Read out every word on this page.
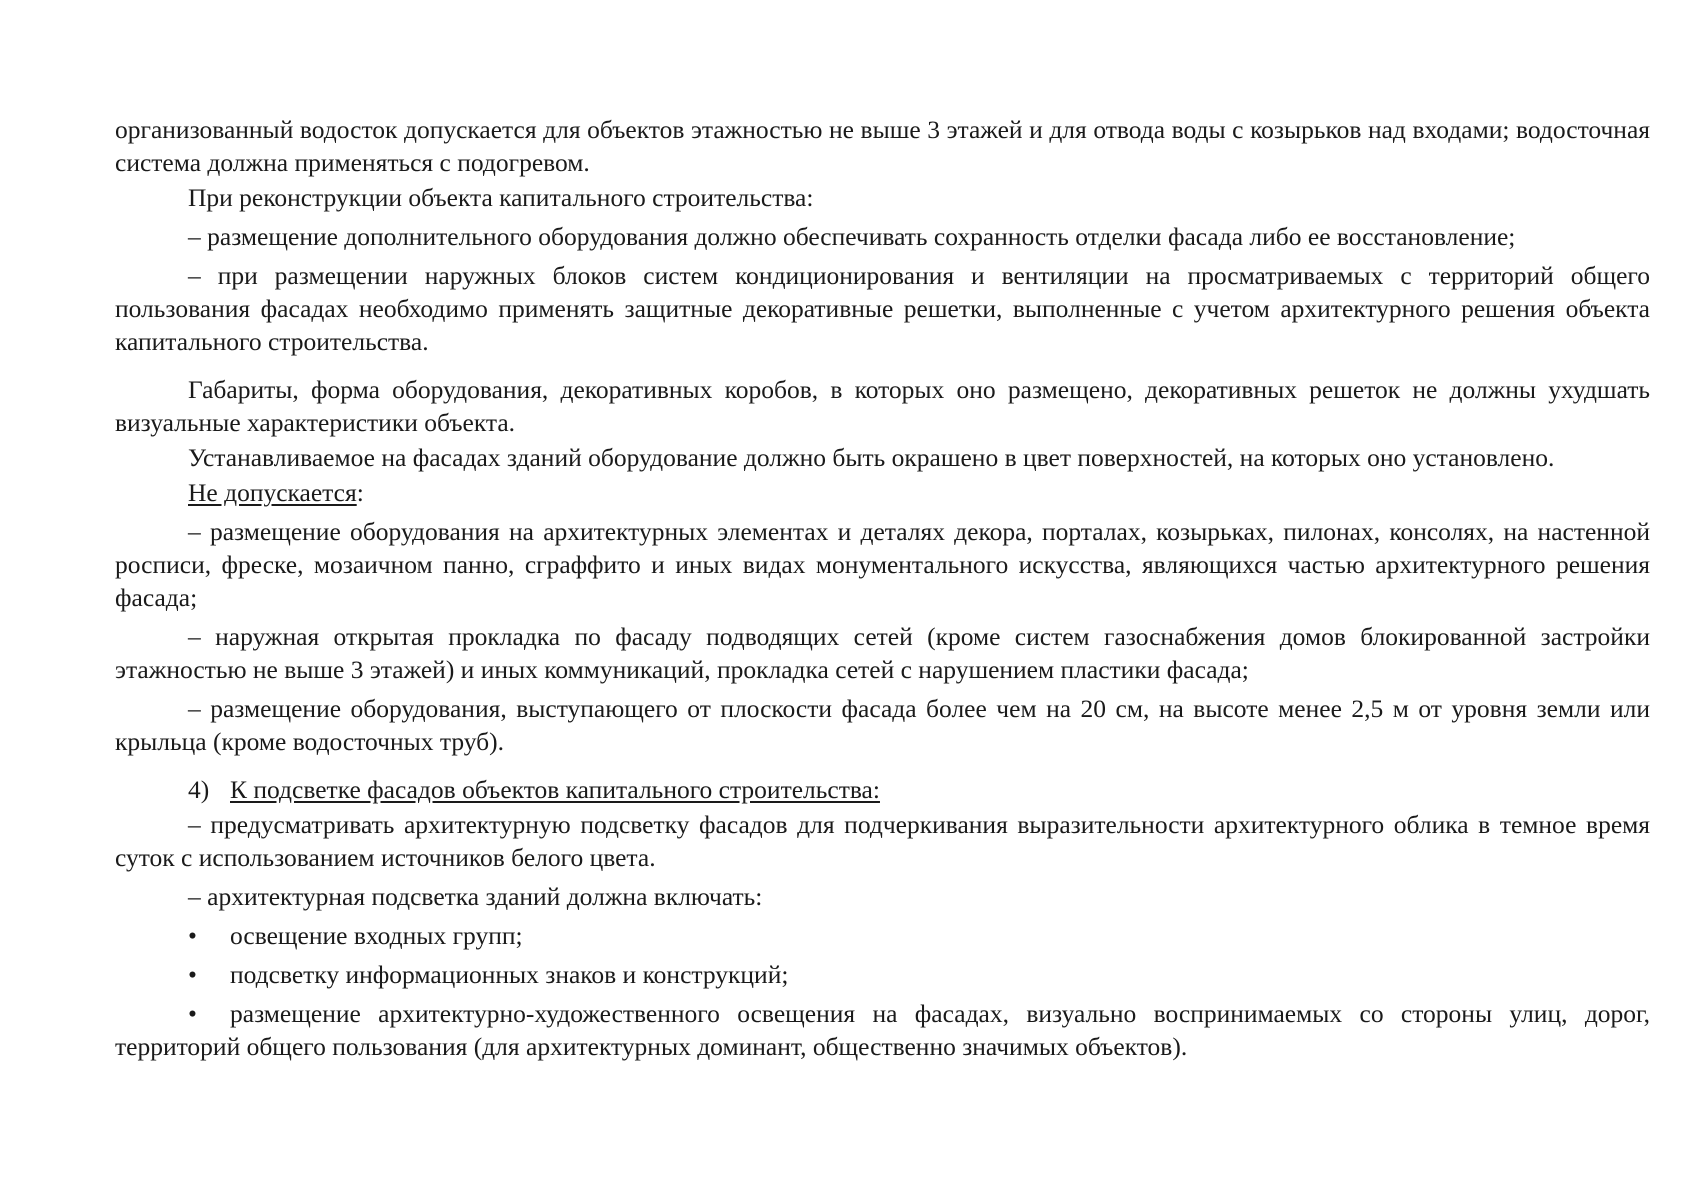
организованный водосток допускается для объектов этажностью не выше 3 этажей и для отвода воды с козырьков над входами; водосточная система должна применяться с подогревом.

При реконструкции объекта капитального строительства:

– размещение дополнительного оборудования должно обеспечивать сохранность отделки фасада либо ее восстановление;

– при размещении наружных блоков систем кондиционирования и вентиляции на просматриваемых с территорий общего пользования фасадах необходимо применять защитные декоративные решетки, выполненные с учетом архитектурного решения объекта капитального строительства.

Габариты, форма оборудования, декоративных коробов, в которых оно размещено, декоративных решеток не должны ухудшать визуальные характеристики объекта.

Устанавливаемое на фасадах зданий оборудование должно быть окрашено в цвет поверхностей, на которых оно установлено.

Не допускается:

– размещение оборудования на архитектурных элементах и деталях декора, порталах, козырьках, пилонах, консолях, на настенной росписи, фреске, мозаичном панно, сграффито и иных видах монументального искусства, являющихся частью архитектурного решения фасада;

– наружная открытая прокладка по фасаду подводящих сетей (кроме систем газоснабжения домов блокированной застройки этажностью не выше 3 этажей) и иных коммуникаций, прокладка сетей с нарушением пластики фасада;

– размещение оборудования, выступающего от плоскости фасада более чем на 20 см, на высоте менее 2,5 м от уровня земли или крыльца (кроме водосточных труб).

4) К подсветке фасадов объектов капитального строительства:

– предусматривать архитектурную подсветку фасадов для подчеркивания выразительности архитектурного облика в темное время суток с использованием источников белого цвета.

– архитектурная подсветка зданий должна включать:

• освещение входных групп;

• подсветку информационных знаков и конструкций;

• размещение архитектурно-художественного освещения на фасадах, визуально воспринимаемых со стороны улиц, дорог, территорий общего пользования (для архитектурных доминант, общественно значимых объектов).
